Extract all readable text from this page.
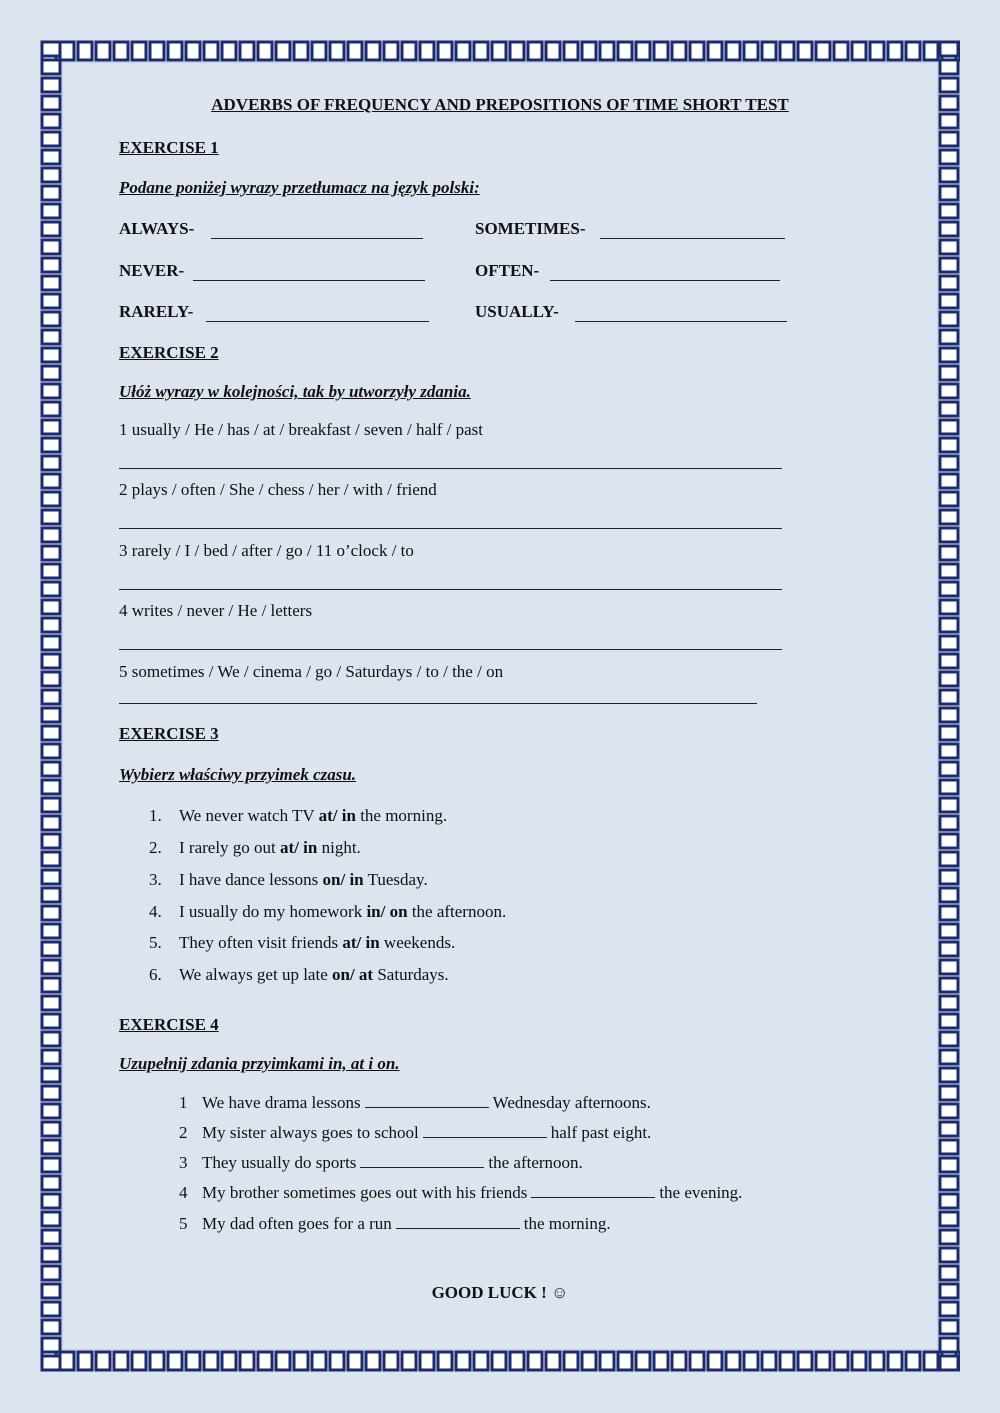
ADVERBS OF FREQUENCY AND PREPOSITIONS OF TIME SHORT TEST
EXERCISE 1
Podane poniżej wyrazy przetłumacz na język polski:
ALWAYS-	SOMETIMES-
NEVER-	OFTEN-
RARELY-	USUALLY-
EXERCISE 2
Ułóż wyrazy w kolejności, tak by utworzyły zdania.
1 usually / He / has / at / breakfast / seven / half / past
2 plays / often / She / chess / her / with / friend
3 rarely / I / bed / after / go / 11 o’clock / to
4 writes / never / He / letters
5 sometimes / We / cinema / go / Saturdays / to / the / on
EXERCISE 3
Wybierz właściwy przyimek czasu.
1. We never watch TV at/ in the morning.
2. I rarely go out at/ in night.
3. I have dance lessons on/ in Tuesday.
4. I usually do my homework in/ on the afternoon.
5. They often visit friends at/ in weekends.
6. We always get up late on/ at Saturdays.
EXERCISE 4
Uzupełnij zdania przyimkami in, at i on.
1 We have drama lessons	Wednesday afternoons.
2 My sister always goes to school	half past eight.
3 They usually do sports	the afternoon.
4 My brother sometimes goes out with his friends	the evening.
5 My dad often goes for a run	the morning.
GOOD LUCK ! ☺
